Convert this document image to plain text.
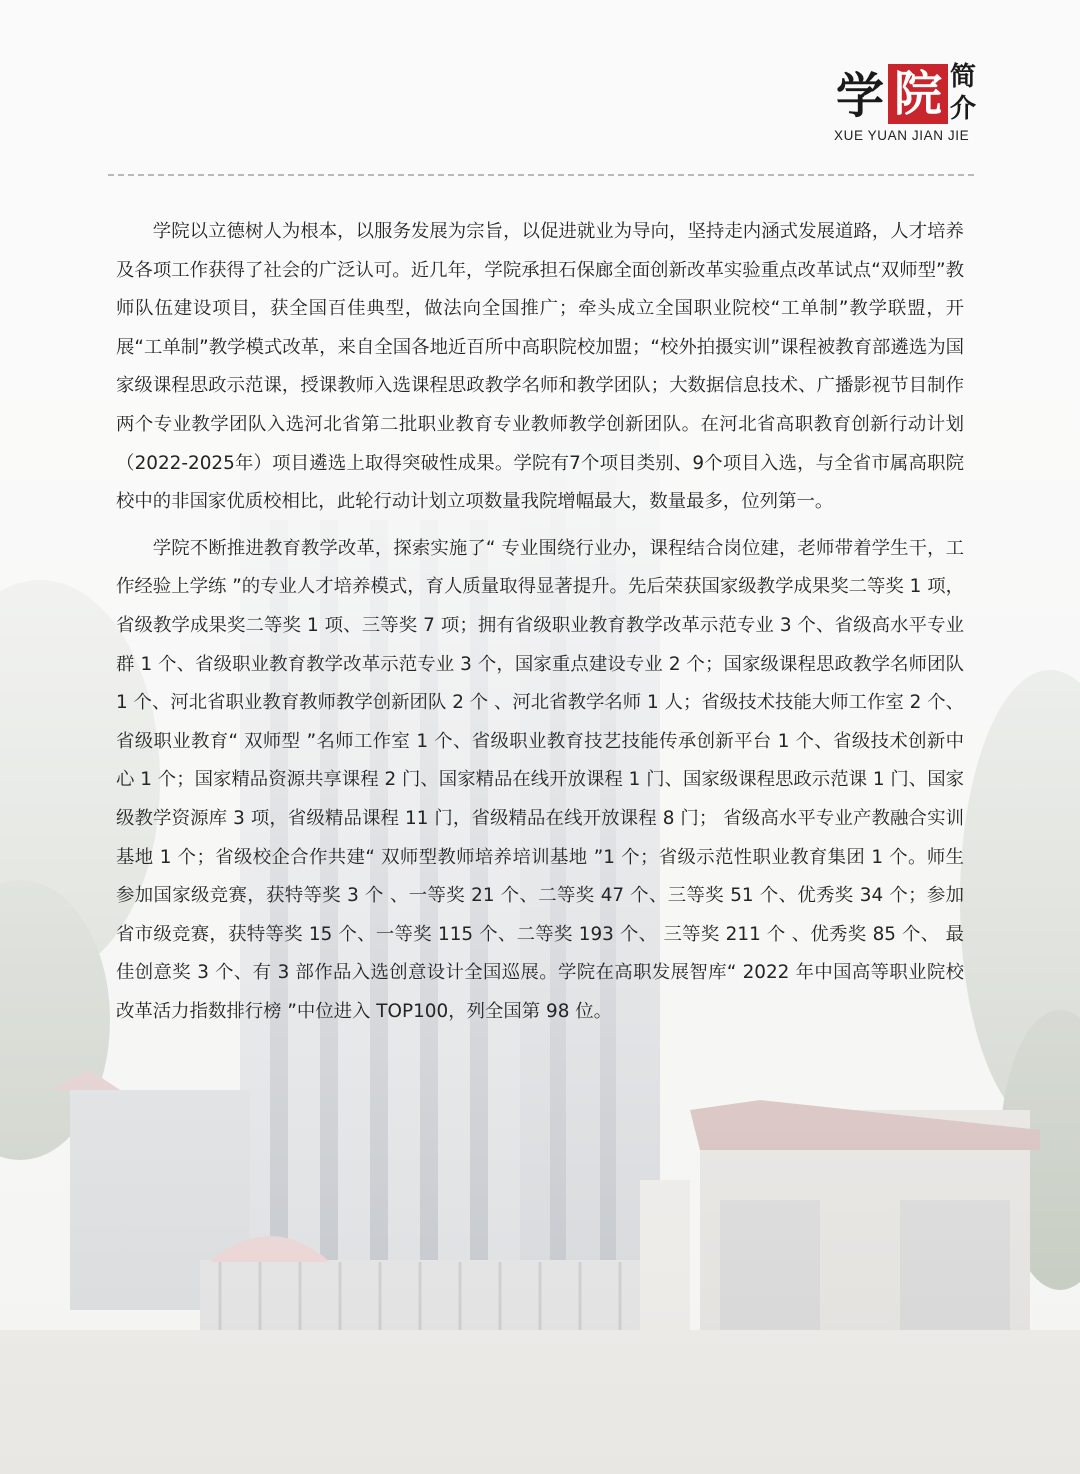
学 院 简
介
XUE YUAN JIAN JIE

学院以立德树人为根本，以服务发展为宗旨，以促进就业为导向，坚持走内涵式发展道路，人才培养及各项工作获得了社会的广泛认可。近几年，学院承担石保廊全面创新改革实验重点改革试点“双师型”教师队伍建设项目，获全国百佳典型，做法向全国推广；牵头成立全国职业院校“工单制”教学联盟，开展“工单制”教学模式改革，来自全国各地近百所中高职院校加盟；“校外拍摄实训”课程被教育部遴选为国家级课程思政示范课，授课教师入选课程思政教学名师和教学团队；大数据信息技术、广播影视节目制作两个专业教学团队入选河北省第二批职业教育专业教师教学创新团队。在河北省高职教育创新行动计划（2022-2025年）项目遴选上取得突破性成果。学院有7个项目类别、9个项目入选，与全省市属高职院校中的非国家优质校相比，此轮行动计划立项数量我院增幅最大，数量最多，位列第一。

学院不断推进教育教学改革，探索实施了“ 专业围绕行业办，课程结合岗位建，老师带着学生干，工作经验上学练 ”的专业人才培养模式，育人质量取得显著提升。先后荣获国家级教学成果奖二等奖 1 项，省级教学成果奖二等奖 1 项、三等奖 7 项；拥有省级职业教育教学改革示范专业 3 个、省级高水平专业群 1 个、省级职业教育教学改革示范专业 3 个，国家重点建设专业 2 个；国家级课程思政教学名师团队 1 个、河北省职业教育教师教学创新团队 2 个 、河北省教学名师 1 人；省级技术技能大师工作室 2 个、省级职业教育“ 双师型 ”名师工作室 1 个、省级职业教育技艺技能传承创新平台 1 个、省级技术创新中心 1 个；国家精品资源共享课程 2 门、国家精品在线开放课程 1 门、国家级课程思政示范课 1 门、国家级教学资源库 3 项，省级精品课程 11 门，省级精品在线开放课程 8 门； 省级高水平专业产教融合实训基地 1 个；省级校企合作共建“ 双师型教师培养培训基地 ”1 个；省级示范性职业教育集团 1 个。师生参加国家级竞赛，获特等奖 3 个 、一等奖 21 个、二等奖 47 个、三等奖 51 个、优秀奖 34 个；参加省市级竞赛，获特等奖 15 个、一等奖 115 个、二等奖 193 个、 三等奖 211 个 、优秀奖 85 个、 最佳创意奖 3 个、有 3 部作品入选创意设计全国巡展。学院在高职发展智库“ 2022 年中国高等职业院校改革活力指数排行榜 ”中位进入 TOP100，列全国第 98 位。
